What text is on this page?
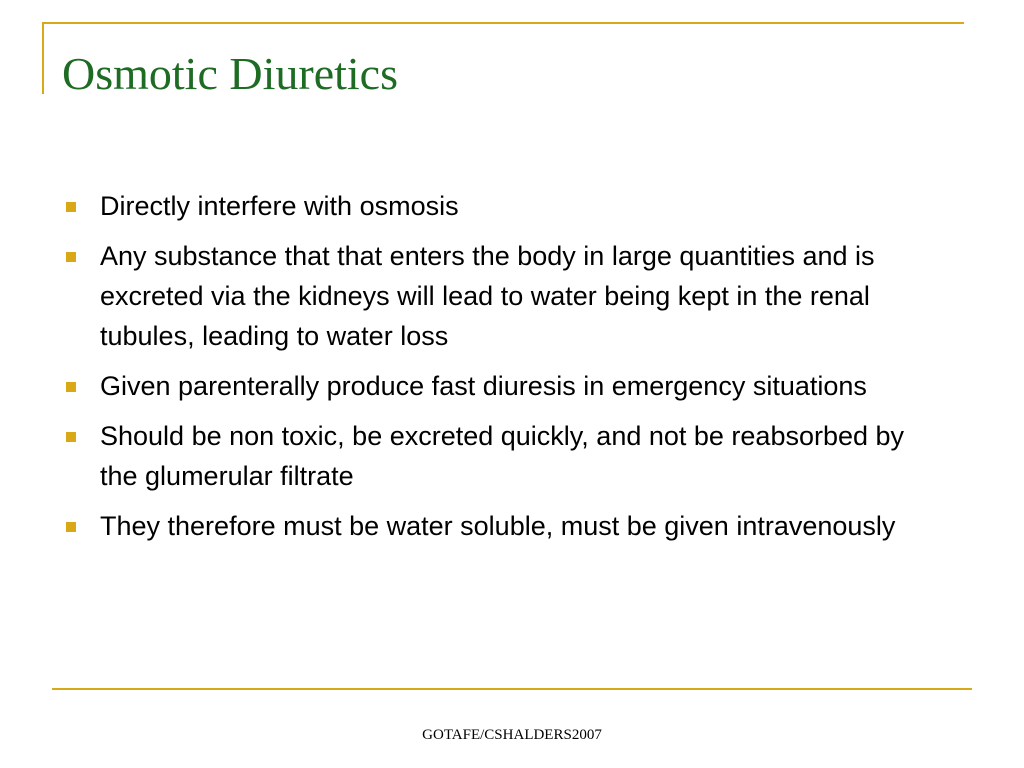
Osmotic Diuretics
Directly interfere with osmosis
Any substance that that enters the body in large quantities and is excreted via the kidneys will lead to water being kept in the renal tubules, leading to water loss
Given parenterally produce fast diuresis in emergency situations
Should be non toxic, be excreted quickly, and not be reabsorbed by the glumerular filtrate
They therefore must be water soluble, must be given intravenously
GOTAFE/CSHALDERS2007
